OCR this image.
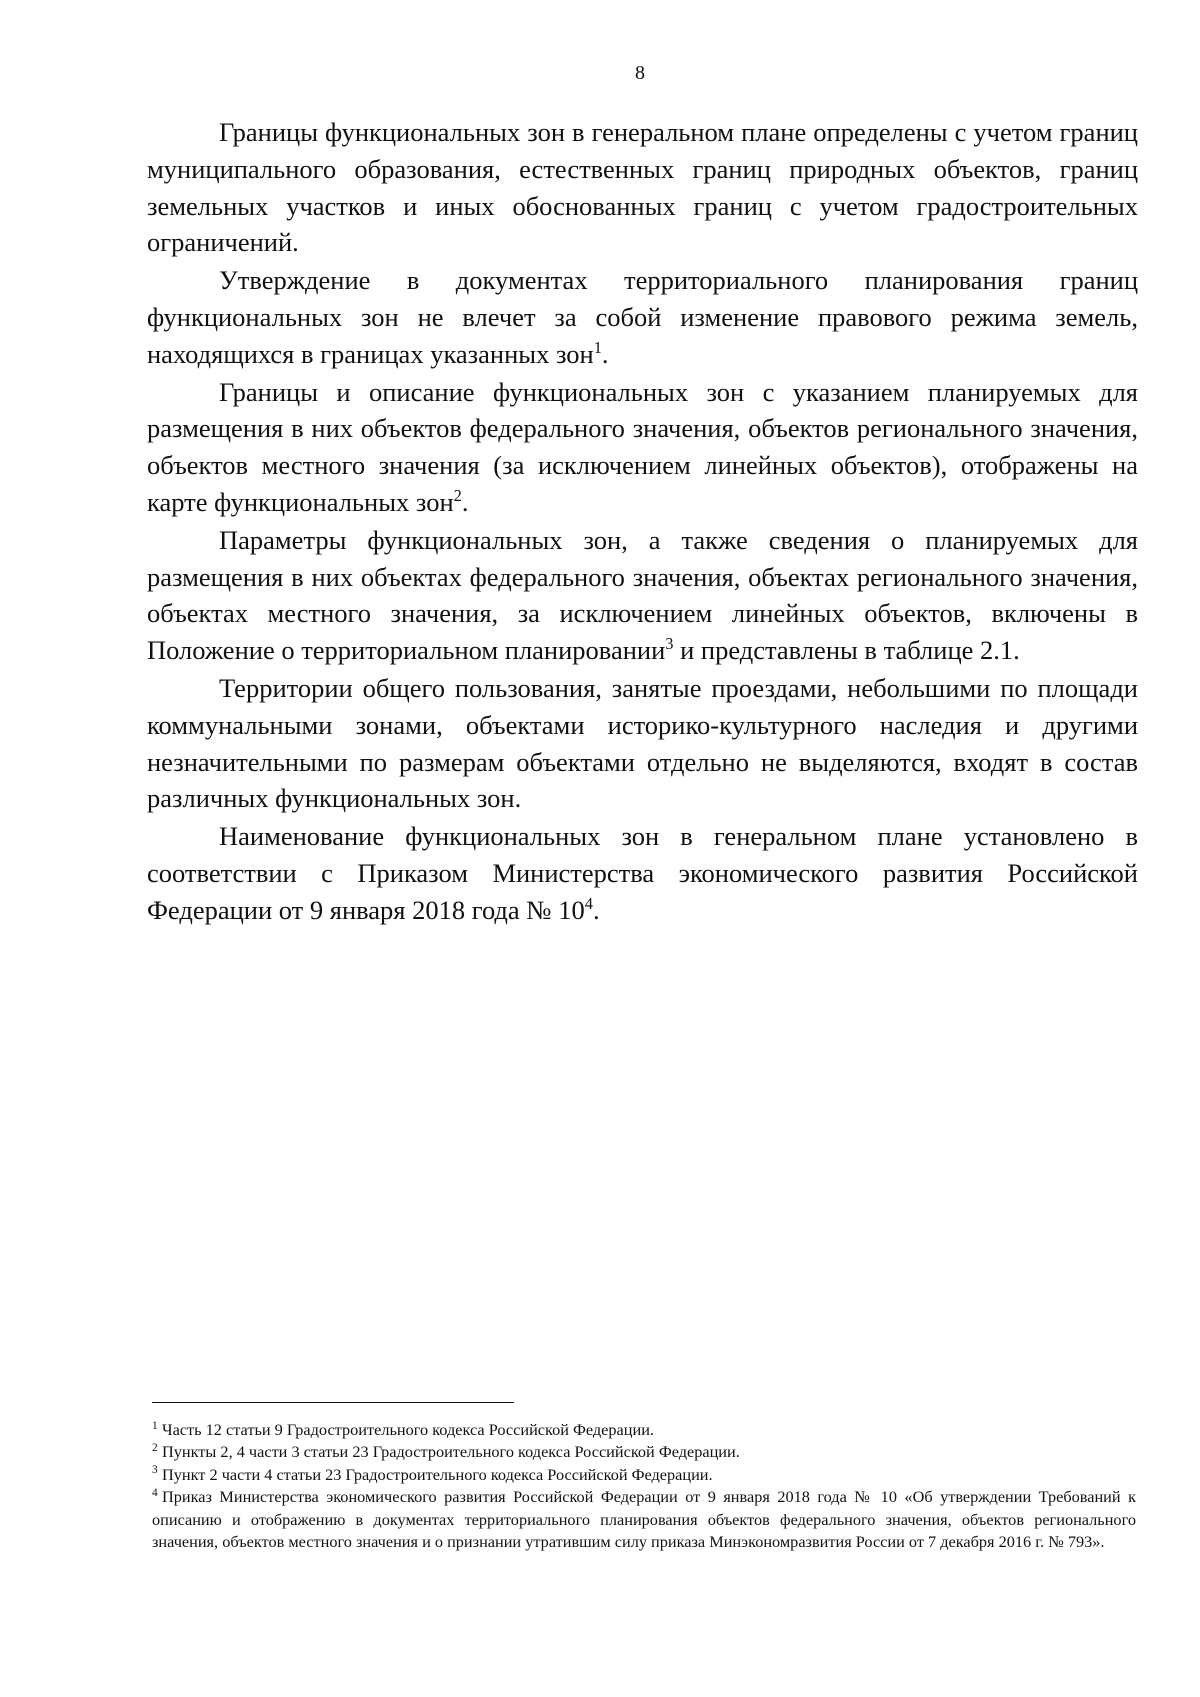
8

Границы функциональных зон в генеральном плане определены с учетом границ муниципального образования, естественных границ природных объектов, границ земельных участков и иных обоснованных границ с учетом градостроительных ограничений.

Утверждение в документах территориального планирования границ функциональных зон не влечет за собой изменение правового режима земель, находящихся в границах указанных зон$^1$.

Границы и описание функциональных зон с указанием планируемых для размещения в них объектов федерального значения, объектов регионального значения, объектов местного значения (за исключением линейных объектов), отображены на карте функциональных зон$^2$.

Параметры функциональных зон, а также сведения о планируемых для размещения в них объектах федерального значения, объектах регионального значения, объектах местного значения, за исключением линейных объектов, включены в Положение о территориальном планировании$^3$ и представлены в таблице 2.1.

Территории общего пользования, занятые проездами, небольшими по площади коммунальными зонами, объектами историко-культурного наследия и другими незначительными по размерам объектами отдельно не выделяются, входят в состав различных функциональных зон.

Наименование функциональных зон в генеральном плане установлено в соответствии с Приказом Министерства экономического развития Российской Федерации от 9 января 2018 года № $10^4$.

$^1$ Часть 12 статьи 9 Градостроительного кодекса Российской Федерации.

$^2$ Пункты 2, 4 части 3 статьи 23 Градостроительного кодекса Российской Федерации.

$^3$ Пункт 2 части 4 статьи 23 Градостроительного кодекса Российской Федерации.

$^4$ Приказ Министерства экономического развития Российской Федерации от 9 января 2018 года № 10 «Об утверждении Требований к описанию и отображению в документах территориального планирования объектов федерального значения, объектов регионального значения, объектов местного значения и о признании утратившим силу приказа Минэкономразвития России от 7 декабря 2016 г. № 793».
